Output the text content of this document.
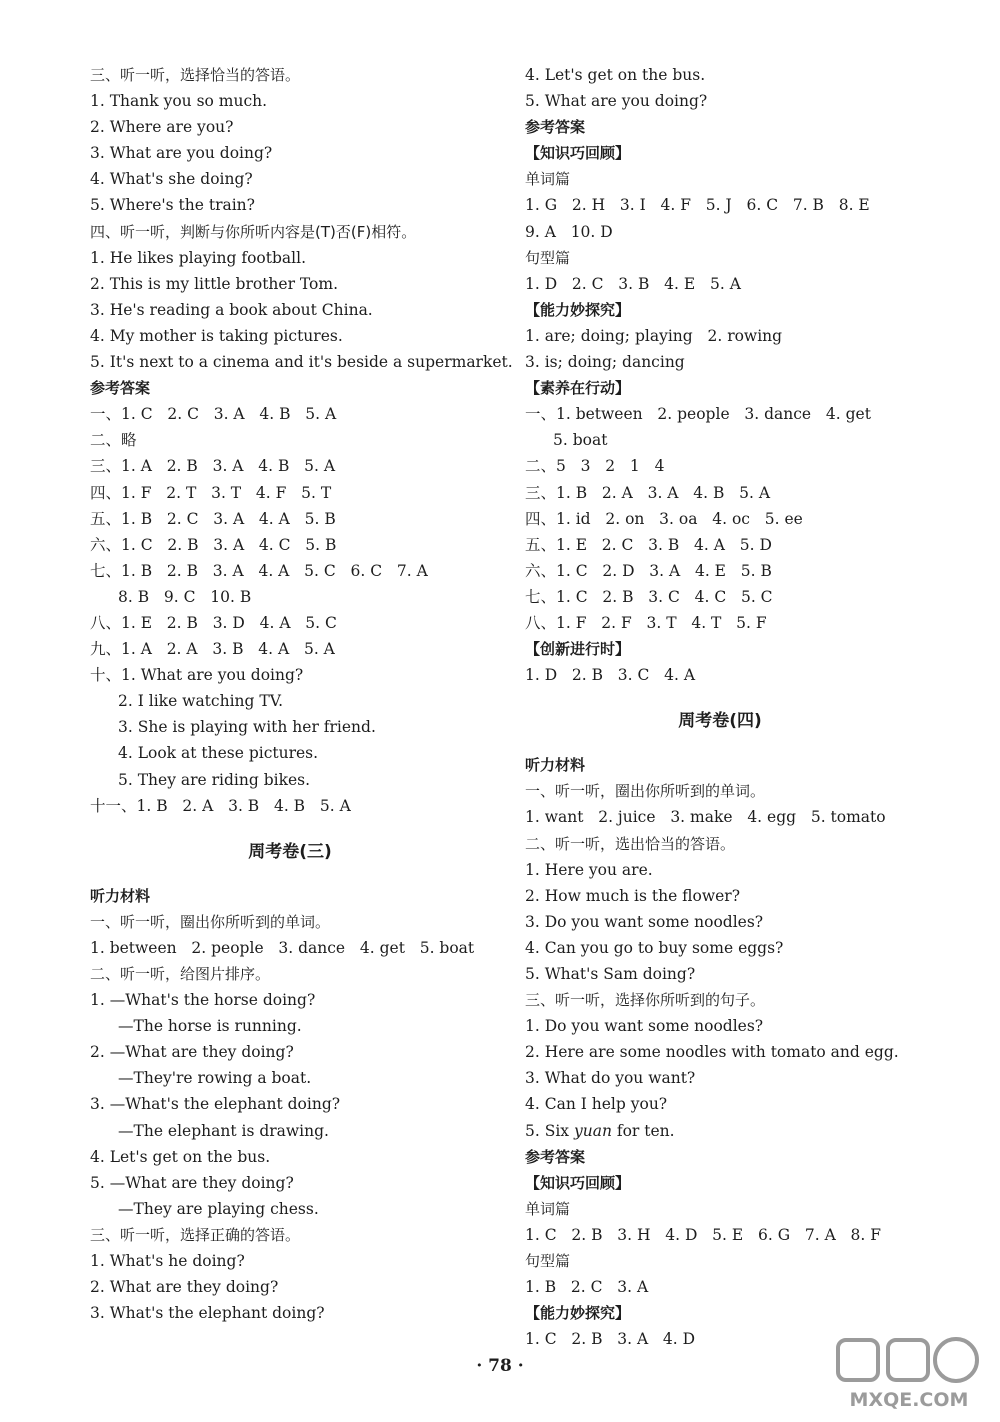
三、听一听，选择恰当的答语。
1. Thank you so much.
2. Where are you?
3. What are you doing?
4. What's she doing?
5. Where's the train?
四、听一听，判断与你所听内容是(T)否(F)相符。
1. He likes playing football.
2. This is my little brother Tom.
3. He's reading a book about China.
4. My mother is taking pictures.
5. It's next to a cinema and it's beside a supermarket.
参考答案
一、1. C   2. C   3. A   4. B   5. A
二、略
三、1. A   2. B   3. A   4. B   5. A
四、1. F   2. T   3. T   4. F   5. T
五、1. B   2. C   3. A   4. A   5. B
六、1. C   2. B   3. A   4. C   5. B
七、1. B   2. B   3. A   4. A   5. C   6. C   7. A
8. B   9. C   10. B
八、1. E   2. B   3. D   4. A   5. C
九、1. A   2. A   3. B   4. A   5. A
十、1. What are you doing?
2. I like watching TV.
3. She is playing with her friend.
4. Look at these pictures.
5. They are riding bikes.
十一、1. B   2. A   3. B   4. B   5. A
周考卷(三)
听力材料
一、听一听，圈出你所听到的单词。
1. between   2. people   3. dance   4. get   5. boat
二、听一听，给图片排序。
1. —What's the horse doing?
—The horse is running.
2. —What are they doing?
—They're rowing a boat.
3. —What's the elephant doing?
—The elephant is drawing.
4. Let's get on the bus.
5. —What are they doing?
—They are playing chess.
三、听一听，选择正确的答语。
1. What's he doing?
2. What are they doing?
3. What's the elephant doing?
4. Let's get on the bus.
5. What are you doing?
参考答案
【知识巧回顾】
单词篇
1. G   2. H   3. I   4. F   5. J   6. C   7. B   8. E
9. A   10. D
句型篇
1. D   2. C   3. B   4. E   5. A
【能力妙探究】
1. are; doing; playing   2. rowing
3. is; doing; dancing
【素养在行动】
一、1. between   2. people   3. dance   4. get
5. boat
二、5   3   2   1   4
三、1. B   2. A   3. A   4. B   5. A
四、1. id   2. on   3. oa   4. oc   5. ee
五、1. E   2. C   3. B   4. A   5. D
六、1. C   2. D   3. A   4. E   5. B
七、1. C   2. B   3. C   4. C   5. C
八、1. F   2. F   3. T   4. T   5. F
【创新进行时】
1. D   2. B   3. C   4. A
周考卷(四)
听力材料
一、听一听，圈出你所听到的单词。
1. want   2. juice   3. make   4. egg   5. tomato
二、听一听，选出恰当的答语。
1. Here you are.
2. How much is the flower?
3. Do you want some noodles?
4. Can you go to buy some eggs?
5. What's Sam doing?
三、听一听，选择你所听到的句子。
1. Do you want some noodles?
2. Here are some noodles with tomato and egg.
3. What do you want?
4. Can I help you?
5. Six yuan for ten.
参考答案
【知识巧回顾】
单词篇
1. C   2. B   3. H   4. D   5. E   6. G   7. A   8. F
句型篇
1. B   2. C   3. A
【能力妙探究】
1. C   2. B   3. A   4. D
· 78 ·
MXQE.COM
